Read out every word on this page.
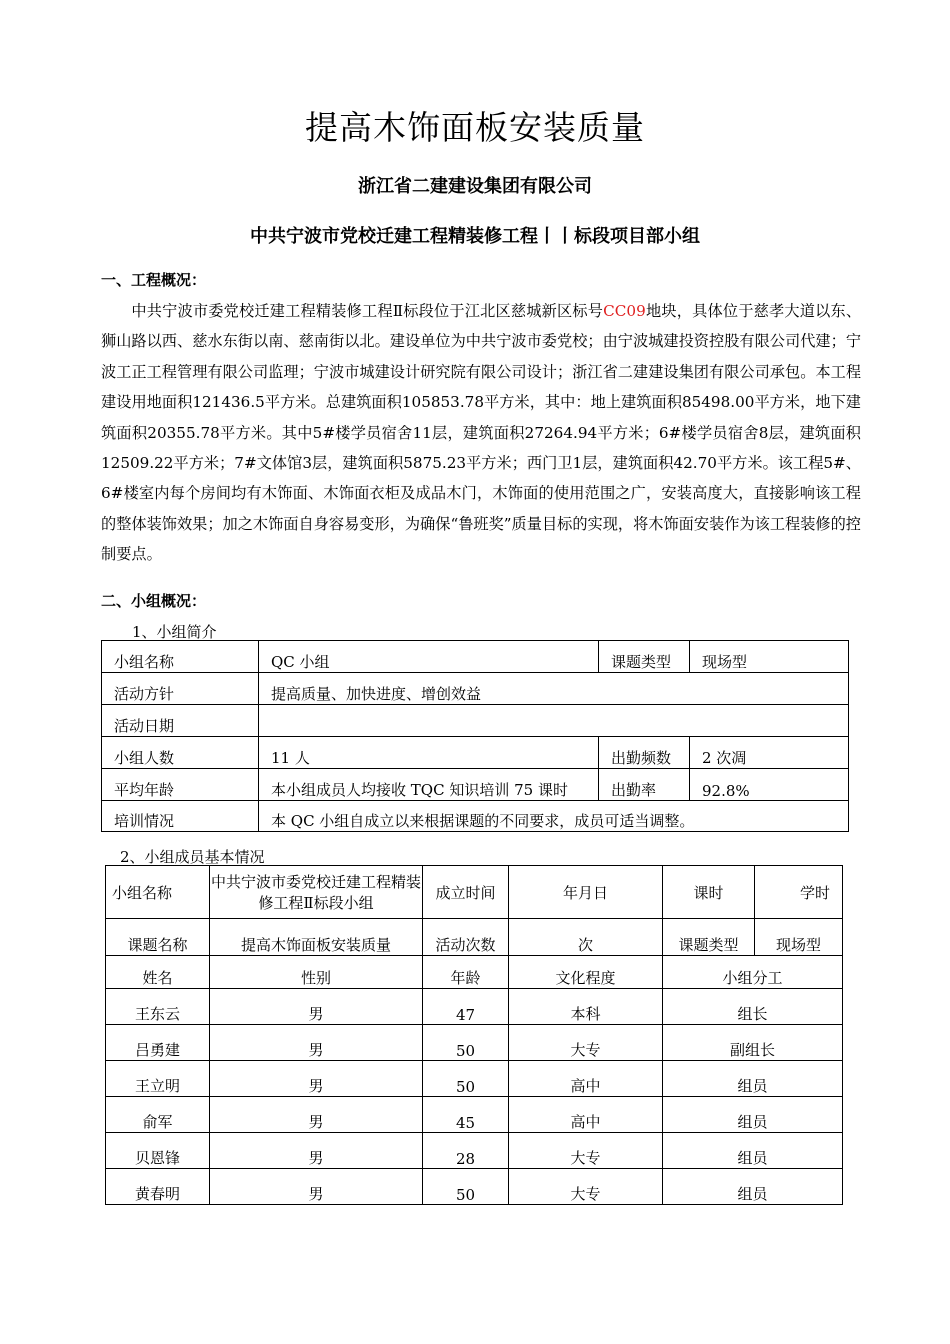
提高木饰面板安装质量
浙江省二建建设集团有限公司
中共宁波市党校迁建工程精装修工程丨丨标段项目部小组
一、工程概况：
中共宁波市委党校迁建工程精装修工程Ⅱ标段位于江北区慈城新区标号CC09地块，具体位于慈孝大道以东、狮山路以西、慈水东街以南、慈南街以北。建设单位为中共宁波市委党校；由宁波城建投资控股有限公司代建；宁波工正工程管理有限公司监理；宁波市城建设计研究院有限公司设计；浙江省二建建设集团有限公司承包。本工程建设用地面积121436.5平方米。总建筑面积105853.78平方米，其中：地上建筑面积85498.00平方米，地下建筑面积20355.78平方米。其中5#楼学员宿舍11层，建筑面积27264.94平方米；6#楼学员宿舍8层，建筑面积12509.22平方米；7#文体馆3层，建筑面积5875.23平方米；西门卫1层，建筑面积42.70平方米。该工程5#、6#楼室内每个房间均有木饰面、木饰面衣柜及成品木门，木饰面的使用范围之广，安装高度大，直接影响该工程的整体装饰效果；加之木饰面自身容易变形，为确保“鲁班奖”质量目标的实现，将木饰面安装作为该工程装修的控制要点。
二、小组概况：
1、小组简介
小组名称	QC 小组	课题类型	现场型
活动方针	提高质量、加快进度、增创效益		
活动日期			
小组人数	11 人	出勤频数	2 次凋
平均年龄	本小组成员人均接收 TQC 知识培训 75 课时	出勤率	92.8%
培训情况	本 QC 小组自成立以来根据课题的不同要求，成员可适当调整。		
2、小组成员基本情况
小组名称	中共宁波市委党校迁建工程精装修工程Ⅱ标段小组	成立时间	年月日	课时	学时
课题名称	提高木饰面板安装质量	活动次数	次	课题类型	现场型
姓名	性别	年龄	文化程度	小组分工	
王东云	男	47	本科	组长	
吕勇建	男	50	大专	副组长	
王立明	男	50	高中	组员	
俞军	男	45	高中	组员	
贝恩锋	男	28	大专	组员	
黄春明	男	50	大专	组员	
